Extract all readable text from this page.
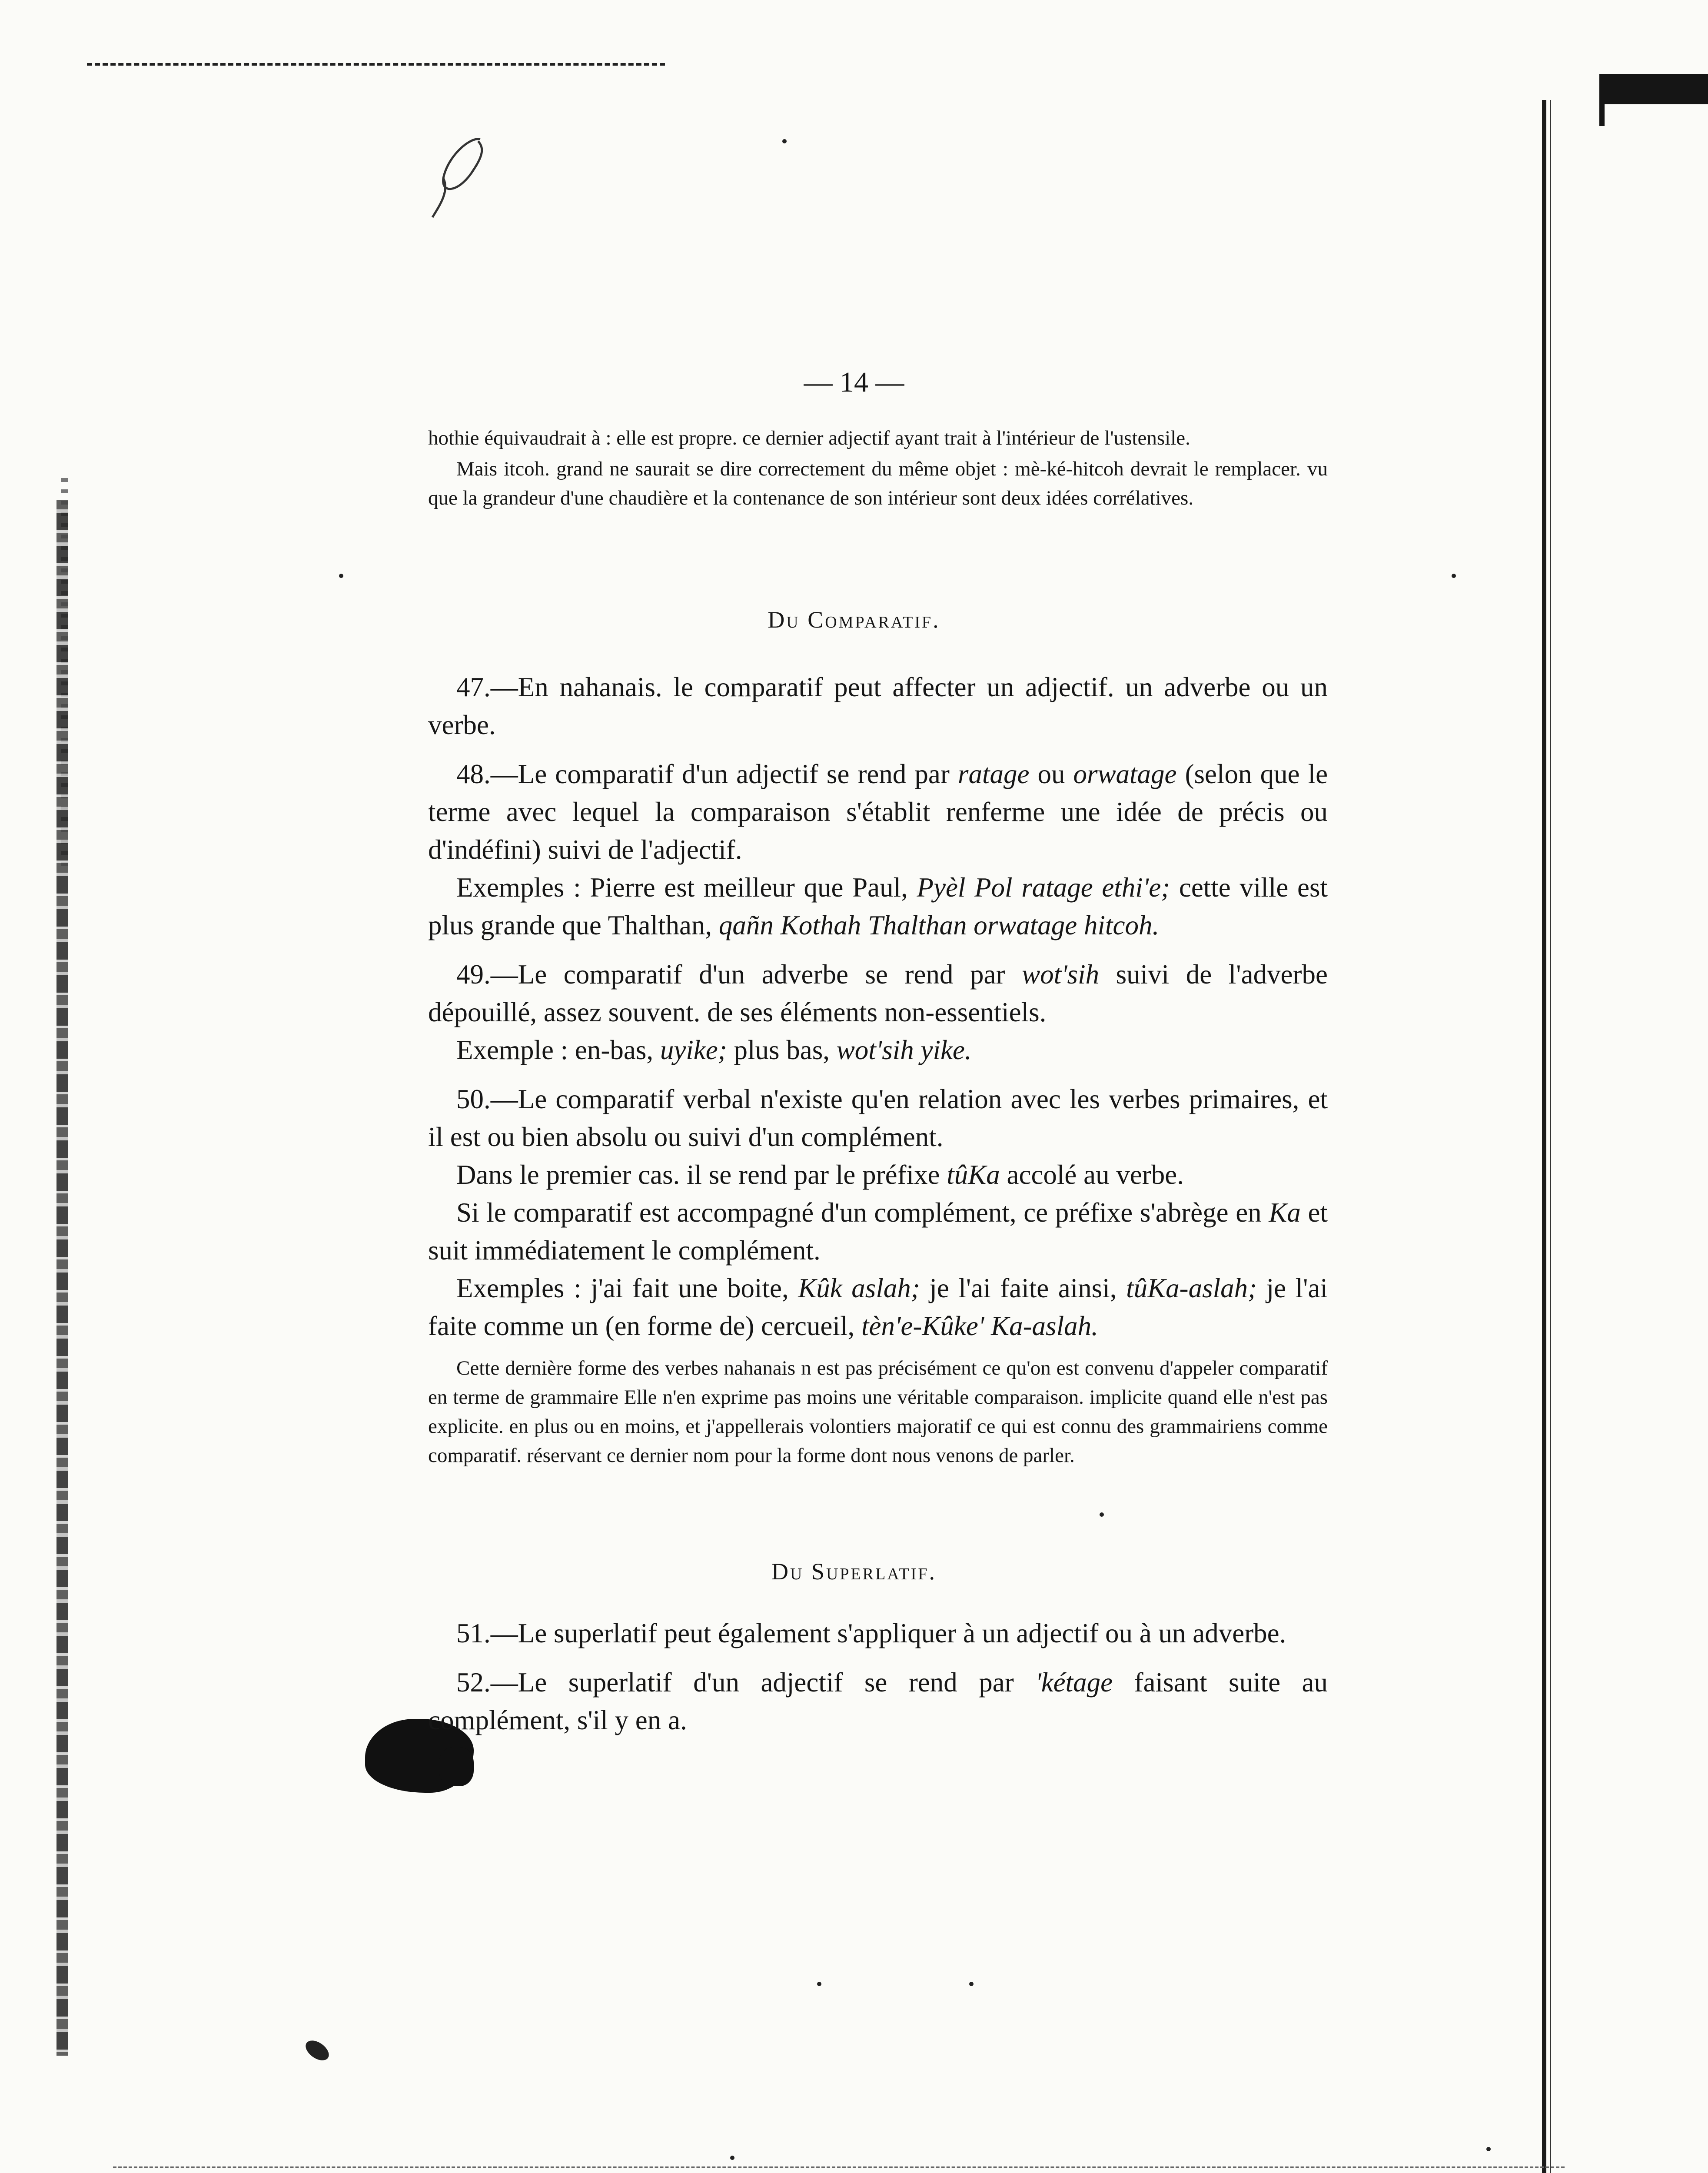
— 14 —

hothie équivaudrait à : elle est propre. ce dernier adjectif ayant trait à l'intérieur de l'ustensile.

Mais itcoh. grand ne saurait se dire correctement du même objet : mè-ké-hitcoh devrait le remplacer. vu que la grandeur d'une chaudière et la contenance de son intérieur sont deux idées corrélatives.

Du Comparatif.

47.—En nahanais. le comparatif peut affecter un adjectif. un adverbe ou un verbe.

48.—Le comparatif d'un adjectif se rend par ratage ou orwatage (selon que le terme avec lequel la comparaison s'établit renferme une idée de précis ou d'indéfini) suivi de l'adjectif.

Exemples : Pierre est meilleur que Paul, Pyèl Pol ratage ethi'e; cette ville est plus grande que Thalthan, qañn Kothah Thalthan orwatage hitcoh.

49.—Le comparatif d'un adverbe se rend par wot'sih suivi de l'adverbe dépouillé, assez souvent. de ses éléments non-essentiels.

Exemple : en-bas, uyike; plus bas, wot'sih yike.

50.—Le comparatif verbal n'existe qu'en relation avec les verbes primaires, et il est ou bien absolu ou suivi d'un complément.

Dans le premier cas. il se rend par le préfixe tûKa accolé au verbe.

Si le comparatif est accompagné d'un complément, ce préfixe s'abrège en Ka et suit immédiatement le complément.

Exemples : j'ai fait une boite, Kûk aslah; je l'ai faite ainsi, tûKa-aslah; je l'ai faite comme un (en forme de) cercueil, tèn'e-Kûke' Ka-aslah.

Cette dernière forme des verbes nahanais n est pas précisément ce qu'on est convenu d'appeler comparatif en terme de grammaire Elle n'en exprime pas moins une véritable comparaison. implicite quand elle n'est pas explicite. en plus ou en moins, et j'appellerais volontiers majoratif ce qui est connu des grammairiens comme comparatif. réservant ce dernier nom pour la forme dont nous venons de parler.

Du Superlatif.

51.—Le superlatif peut également s'appliquer à un adjectif ou à un adverbe.

52.—Le superlatif d'un adjectif se rend par 'kétage faisant suite au complément, s'il y en a.
